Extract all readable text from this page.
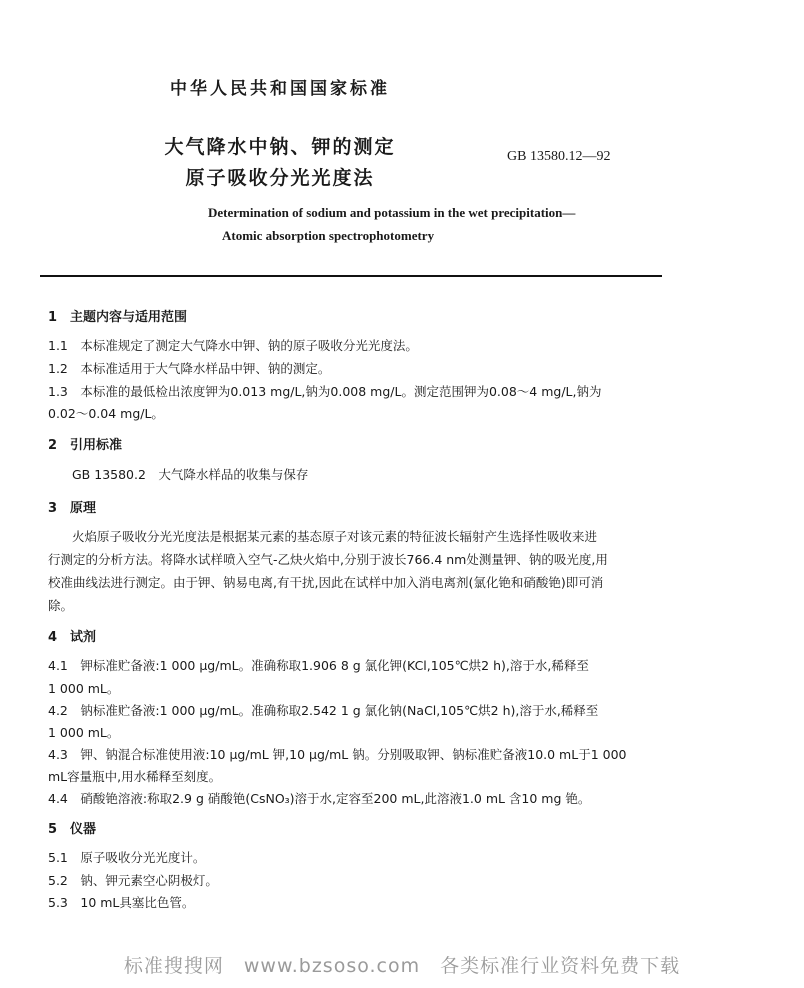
中华人民共和国国家标准
大气降水中钠、钾的测定
原子吸收分光光度法
GB 13580.12—92
Determination of sodium and potassium in the wet precipitation—
Atomic absorption spectrophotometry
1　主题内容与适用范围
1.1　本标准规定了测定大气降水中钾、钠的原子吸收分光光度法。
1.2　本标准适用于大气降水样品中钾、钠的测定。
1.3　本标准的最低检出浓度钾为0.013 mg/L,钠为0.008 mg/L。测定范围钾为0.08～4 mg/L,钠为
0.02～0.04 mg/L。
2　引用标准
GB 13580.2　大气降水样品的收集与保存
3　原理
火焰原子吸收分光光度法是根据某元素的基态原子对该元素的特征波长辐射产生选择性吸收来进
行测定的分析方法。将降水试样喷入空气-乙炔火焰中,分别于波长766.4 nm处测量钾、钠的吸光度,用
校准曲线法进行测定。由于钾、钠易电离,有干扰,因此在试样中加入消电离剂(氯化铯和硝酸铯)即可消
除。
4　试剂
4.1　钾标准贮备液:1 000 μg/mL。准确称取1.906 8 g 氯化钾(KCl,105℃烘2 h),溶于水,稀释至
1 000 mL。
4.2　钠标准贮备液:1 000 μg/mL。准确称取2.542 1 g 氯化钠(NaCl,105℃烘2 h),溶于水,稀释至
1 000 mL。
4.3　钾、钠混合标准使用液:10 μg/mL 钾,10 μg/mL 钠。分别吸取钾、钠标准贮备液10.0 mL于1 000
mL容量瓶中,用水稀释至刻度。
4.4　硝酸铯溶液:称取2.9 g 硝酸铯(CsNO₃)溶于水,定容至200 mL,此溶液1.0 mL 含10 mg 铯。
5　仪器
5.1　原子吸收分光光度计。
5.2　钠、钾元素空心阴极灯。
5.3　10 mL具塞比色管。
标准搜搜网　www.bzsoso.com　各类标准行业资料免费下载
